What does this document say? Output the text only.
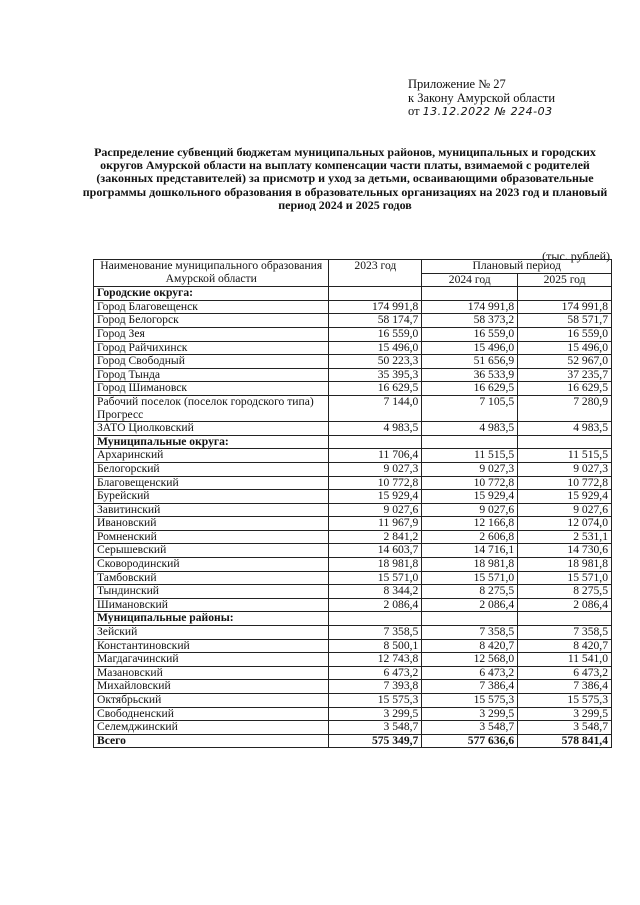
Приложение № 27
к Закону Амурской области
от 13.12.2022 № 224-03
Распределение субвенций бюджетам муниципальных районов, муниципальных и городских округов Амурской области на выплату компенсации части платы, взимаемой с родителей (законных представителей) за присмотр и уход за детьми, осваивающими образовательные программы дошкольного образования в образовательных организациях на 2023 год и плановый период 2024 и 2025 годов
(тыс. рублей)
Наименование муниципального образования Амурской области	2023 год	Плановый период	
		2024 год	2025 год
Городские округа:			
Город Благовещенск	174 991,8	174 991,8	174 991,8
Город Белогорск	58 174,7	58 373,2	58 571,7
Город Зея	16 559,0	16 559,0	16 559,0
Город Райчихинск	15 496,0	15 496,0	15 496,0
Город Свободный	50 223,3	51 656,9	52 967,0
Город Тында	35 395,3	36 533,9	37 235,7
Город Шимановск	16 629,5	16 629,5	16 629,5
Рабочий поселок (поселок городского типа) Прогресс	7 144,0	7 105,5	7 280,9
ЗАТО Циолковский	4 983,5	4 983,5	4 983,5
Муниципальные округа:			
Архаринский	11 706,4	11 515,5	11 515,5
Белогорский	9 027,3	9 027,3	9 027,3
Благовещенский	10 772,8	10 772,8	10 772,8
Бурейский	15 929,4	15 929,4	15 929,4
Завитинский	9 027,6	9 027,6	9 027,6
Ивановский	11 967,9	12 166,8	12 074,0
Ромненский	2 841,2	2 606,8	2 531,1
Серышевский	14 603,7	14 716,1	14 730,6
Сковородинский	18 981,8	18 981,8	18 981,8
Тамбовский	15 571,0	15 571,0	15 571,0
Тындинский	8 344,2	8 275,5	8 275,5
Шимановский	2 086,4	2 086,4	2 086,4
Муниципальные районы:			
Зейский	7 358,5	7 358,5	7 358,5
Константиновский	8 500,1	8 420,7	8 420,7
Магдагачинский	12 743,8	12 568,0	11 541,0
Мазановский	6 473,2	6 473,2	6 473,2
Михайловский	7 393,8	7 386,4	7 386,4
Октябрьский	15 575,3	15 575,3	15 575,3
Свободненский	3 299,5	3 299,5	3 299,5
Селемджинский	3 548,7	3 548,7	3 548,7
Всего	575 349,7	577 636,6	578 841,4
